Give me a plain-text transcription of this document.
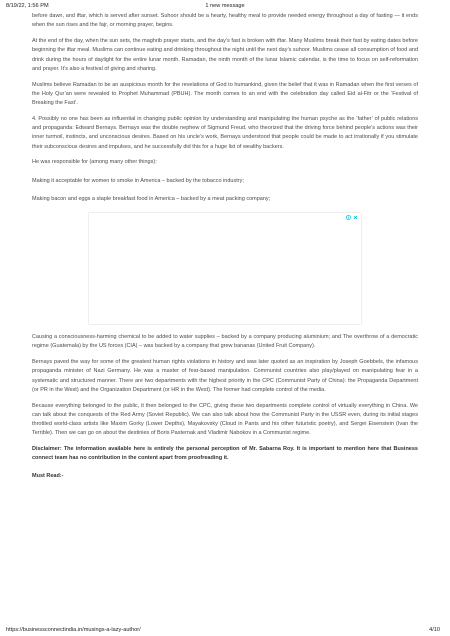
8/19/22, 1:56 PM	1 new message

before dawn, and iftar, which is served after sunset. Suhoor should be a hearty, healthy meal to provide needed energy throughout a day of fasting — it ends when the sun rises and the fajr, or morning prayer, begins.

At the end of the day, when the sun sets, the maghrib prayer starts, and the day’s fast is broken with iftar. Many Muslims break their fast by eating dates before beginning the iftar meal. Muslims can continue eating and drinking throughout the night until the next day’s suhoor. Muslims cease all consumption of food and drink during the hours of daylight for the entire lunar month. Ramadan, the ninth month of the lunar Islamic calendar, is the time to focus on self-reformation and prayer. It’s also a festival of giving and sharing.

Muslims believe Ramadan to be an auspicious month for the revelations of God to humankind, given the belief that it was in Ramadan when the first verses of the Holy Qur’an were revealed to Prophet Muhammad (PBUH). The month comes to an end with the celebration day called Eid al-Fitr or the ‘Festival of Breaking the Fast’.

4. Possibly no one has been as influential in changing public opinion by understanding and manipulating the human psyche as the ‘father’ of public relations and propaganda: Edward Bernays. Bernays was the double nephew of Sigmund Freud, who theorized that the driving force behind people’s actions was their inner turmoil, instincts, and unconscious desires. Based on his uncle’s work, Bernays understood that people could be made to act irrationally if you stimulate their subconscious desires and impulses, and he successfully did this for a huge list of wealthy backers.

He was responsible for (among many other things):

Making it acceptable for women to smoke in America – backed by the tobacco industry;

Making bacon and eggs a staple breakfast food in America – backed by a meat packing company;

Causing a consciousness-harming chemical to be added to water supplies – backed by a company producing aluminium; and The overthrow of a democratic regime (Guatemala) by the US forces (CIA) – was backed by a company that grew bananas (United Fruit Company).

Bernays paved the way for some of the greatest human rights violations in history and was later quoted as an inspiration by Joseph Goebbels, the infamous propaganda minister of Nazi Germany. He was a master of fear-based manipulation. Communist countries also play/played on manipulating fear in a systematic and structured manner. There are two departments with the highest priority in the CPC (Communist Party of China): the Propaganda Department (or PR in the West) and the Organization Department (or HR in the West). The former had complete control of the media.

Because everything belonged to the public, it then belonged to the CPC, giving these two departments complete control of virtually everything in China. We can talk about the conquests of the Red Army (Soviet Republic). We can also talk about how the Communist Party in the USSR even, during its initial stages throttled world-class artists like Maxim Gorky (Lower Depths), Mayakovsky (Cloud in Pants and his other futuristic poetry), and Sergei Eisenstein (Ivan the Terrible). Then we can go on about the destinies of Boris Pasternak and Vladimir Nabokov in a Communist regime.

Disclaimer: The information available here is entirely the personal perception of Mr. Sabarna Roy. It is important to mention here that Business connect team has no contribution in the content apart from proofreading it.

Must Read:-

https://businessconnectindia.in/musings-a-lazy-author/	4/10
